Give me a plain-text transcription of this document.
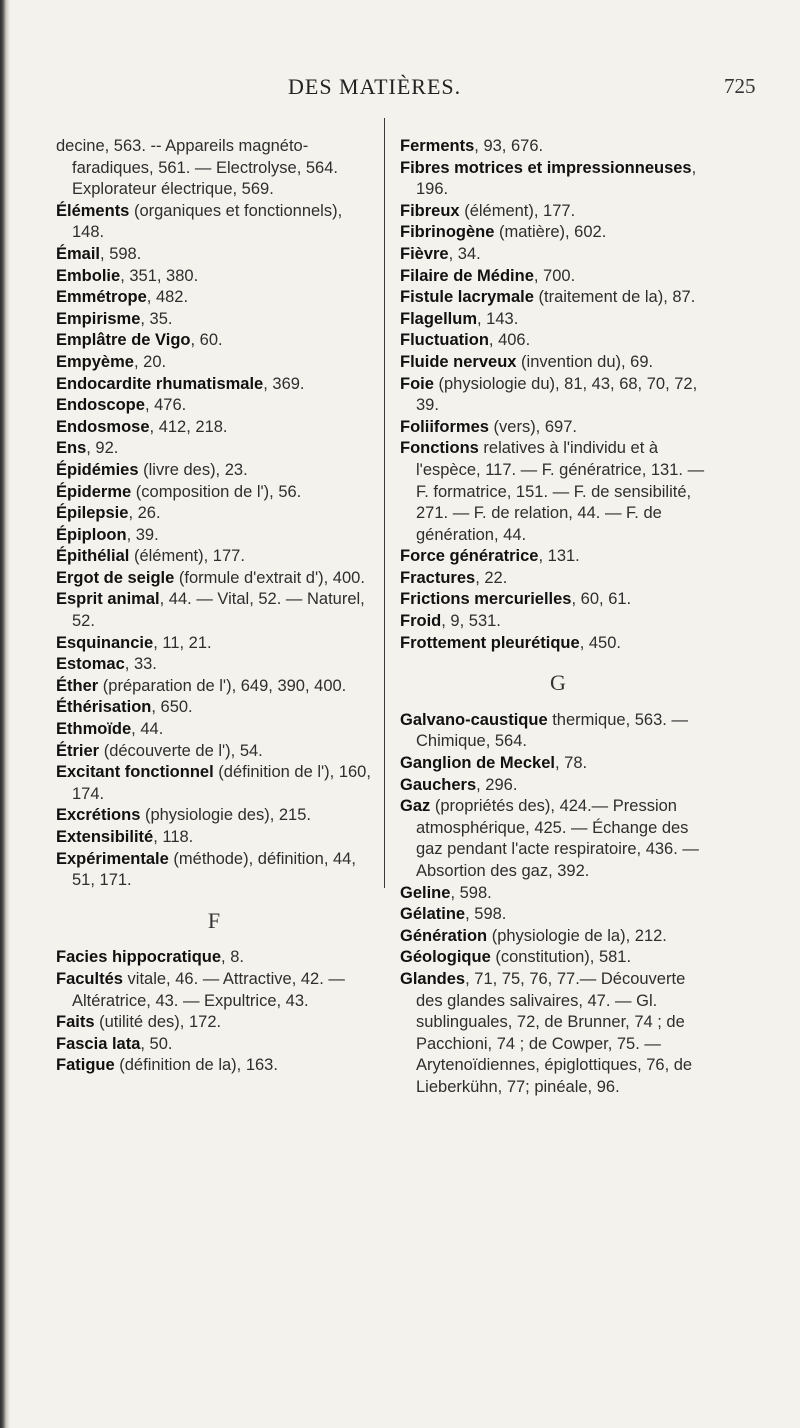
DES MATIÈRES.	725

decine, 563. -- Appareils magnéto-faradiques, 561. — Electrolyse, 564. Explorateur électrique, 569.

Éléments (organiques et fonctionnels), 148.

Émail, 598.

Embolie, 351, 380.

Emmétrope, 482.

Empirisme, 35.

Emplâtre de Vigo, 60.

Empyème, 20.

Endocardite rhumatismale, 369.

Endoscope, 476.

Endosmose, 412, 218.

Ens, 92.

Épidémies (livre des), 23.

Épiderme (composition de l'), 56.

Épilepsie, 26.

Épiploon, 39.

Épithélial (élément), 177.

Ergot de seigle (formule d'extrait d'), 400.

Esprit animal, 44. — Vital, 52. — Naturel, 52.

Esquinancie, 11, 21.

Estomac, 33.

Éther (préparation de l'), 649, 390, 400.

Éthérisation, 650.

Ethmoïde, 44.

Étrier (découverte de l'), 54.

Excitant fonctionnel (définition de l'), 160, 174.

Excrétions (physiologie des), 215.

Extensibilité, 118.

Expérimentale (méthode), définition, 44, 51, 171.

F

Facies hippocratique, 8.

Facultés vitale, 46. — Attractive, 42. — Altératrice, 43. — Expultrice, 43.

Faits (utilité des), 172.

Fascia lata, 50.

Fatigue (définition de la), 163.

Ferments, 93, 676.

Fibres motrices et impressionneuses, 196.

Fibreux (élément), 177.

Fibrinogène (matière), 602.

Fièvre, 34.

Filaire de Médine, 700.

Fistule lacrymale (traitement de la), 87.

Flagellum, 143.

Fluctuation, 406.

Fluide nerveux (invention du), 69.

Foie (physiologie du), 81, 43, 68, 70, 72, 39.

Foliiformes (vers), 697.

Fonctions relatives à l'individu et à l'espèce, 117. — F. génératrice, 131. — F. formatrice, 151. — F. de sensibilité, 271. — F. de relation, 44. — F. de génération, 44.

Force génératrice, 131.

Fractures, 22.

Frictions mercurielles, 60, 61.

Froid, 9, 531.

Frottement pleurétique, 450.

G

Galvano-caustique thermique, 563. — Chimique, 564.

Ganglion de Meckel, 78.

Gauchers, 296.

Gaz (propriétés des), 424.— Pression atmosphérique, 425. — Échange des gaz pendant l'acte respiratoire, 436. — Absortion des gaz, 392.

Geline, 598.

Gélatine, 598.

Génération (physiologie de la), 212.

Géologique (constitution), 581.

Glandes, 71, 75, 76, 77.— Découverte des glandes salivaires, 47. — Gl. sublinguales, 72, de Brunner, 74 ; de Pacchioni, 74 ; de Cowper, 75. — Arytenoïdiennes, épiglottiques, 76, de Lieberkühn, 77; pinéale, 96.
